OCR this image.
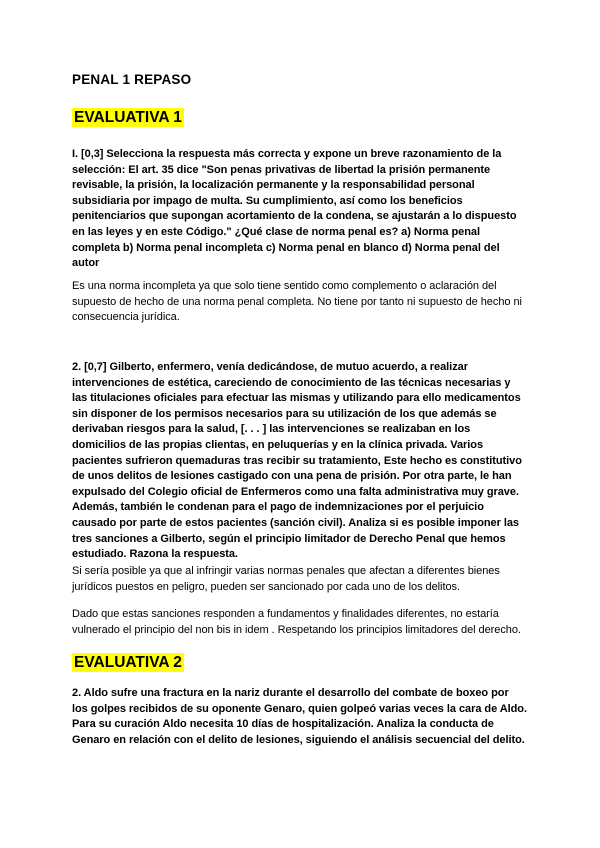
PENAL 1 REPASO
EVALUATIVA 1

I. [0,3] Selecciona la respuesta más correcta y expone un breve razonamiento de la selección: El art. 35 dice "Son penas privativas de libertad la prisión permanente revisable, la prisión, la localización permanente y la responsabilidad personal subsidiaria por impago de multa. Su cumplimiento, así como los beneficios penitenciarios que supongan acortamiento de la condena, se ajustarán a lo dispuesto en las leyes y en este Código." ¿Qué clase de norma penal es? a) Norma penal completa b) Norma penal incompleta c) Norma penal en blanco d) Norma penal del autor

Es una norma incompleta ya que solo tiene sentido como complemento o aclaración del supuesto de hecho de una norma penal completa. No tiene por tanto ni supuesto de hecho ni consecuencia jurídica.

2. [0,7] Gilberto, enfermero, venía dedicándose, de mutuo acuerdo, a realizar intervenciones de estética, careciendo de conocimiento de las técnicas necesarias y las titulaciones oficiales para efectuar las mismas y utilizando para ello medicamentos sin disponer de los permisos necesarios para su utilización de los que además se derivaban riesgos para la salud, [. . . ] las intervenciones se realizaban en los domicilios de las propias clientas, en peluquerías y en la clínica privada. Varios pacientes sufrieron quemaduras tras recibir su tratamiento, Este hecho es constitutivo de unos delitos de lesiones castigado con una pena de prisión. Por otra parte, le han expulsado del Colegio oficial de Enfermeros como una falta administrativa muy grave. Además, también le condenan para el pago de indemnizaciones por el perjuicio causado por parte de estos pacientes (sanción civil). Analiza si es posible imponer las tres sanciones a Gilberto, según el principio limitador de Derecho Penal que hemos estudiado. Razona la respuesta.

Si sería posible ya que al infringir varias normas penales que afectan a diferentes bienes jurídicos puestos en peligro, pueden ser sancionado por cada uno de los delitos.

Dado que estas sanciones responden a fundamentos y finalidades diferentes, no estaría vulnerado el principio del non bis in idem . Respetando los principios limitadores del derecho.

EVALUATIVA 2

2. Aldo sufre una fractura en la nariz durante el desarrollo del combate de boxeo por los golpes recibidos de su oponente Genaro, quien golpeó varias veces la cara de Aldo. Para su curación Aldo necesita 10 días de hospitalización. Analiza la conducta de Genaro en relación con el delito de lesiones, siguiendo el análisis secuencial del delito.
